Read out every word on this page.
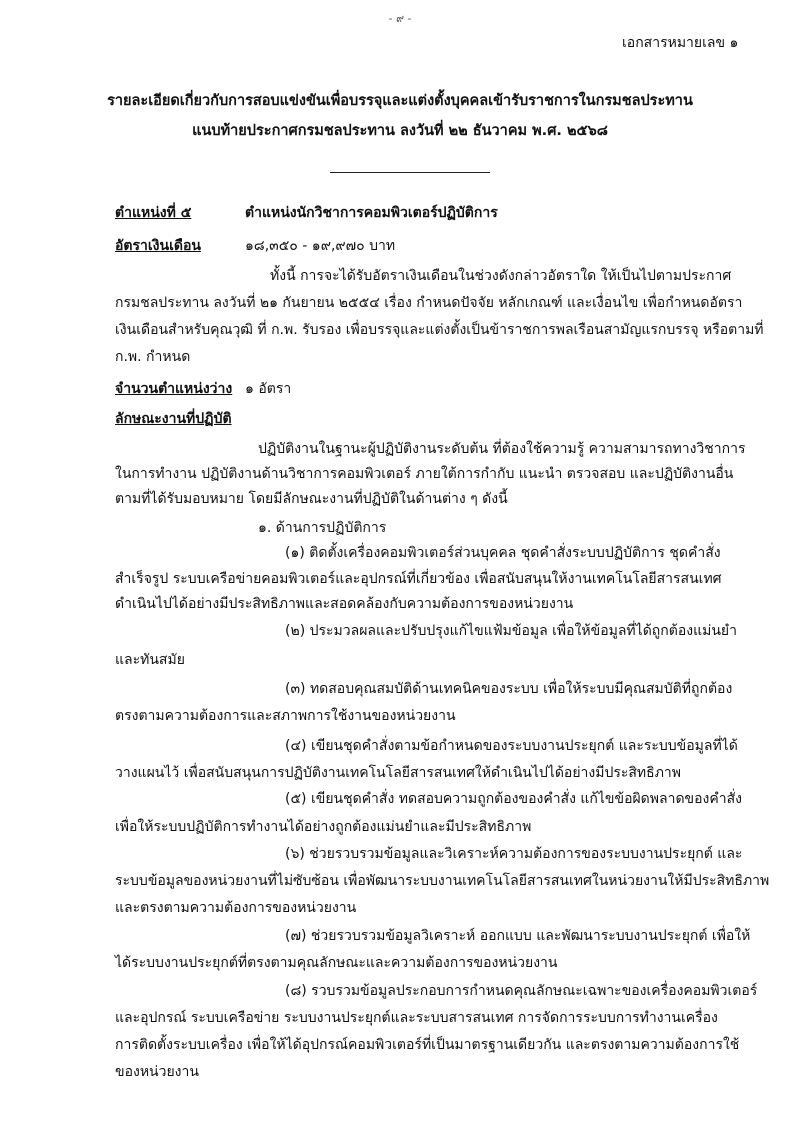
- ๙ -
เอกสารหมายเลข ๑
รายละเอียดเกี่ยวกับการสอบแข่งขันเพื่อบรรจุและแต่งตั้งบุคคลเข้ารับราชการในกรมชลประทาน
แนบท้ายประกาศกรมชลประทาน ลงวันที่ ๒๒ ธันวาคม พ.ศ. ๒๕๖๘
ตำแหน่งที่ ๕	ตำแหน่งนักวิชาการคอมพิวเตอร์ปฏิบัติการ
อัตราเงินเดือน	๑๘,๓๕๐ - ๑๙,๙๗๐ บาท
ทั้งนี้ การจะได้รับอัตราเงินเดือนในช่วงดังกล่าวอัตราใด ให้เป็นไปตามประกาศ
กรมชลประทาน ลงวันที่ ๒๑ กันยายน ๒๕๕๔ เรื่อง กำหนดปัจจัย หลักเกณฑ์ และเงื่อนไข เพื่อกำหนดอัตรา
เงินเดือนสำหรับคุณวุฒิ ที่ ก.พ. รับรอง เพื่อบรรจุและแต่งตั้งเป็นข้าราชการพลเรือนสามัญแรกบรรจุ หรือตามที่
ก.พ. กำหนด
จำนวนตำแหน่งว่าง ๑ อัตรา
ลักษณะงานที่ปฏิบัติ
ปฏิบัติงานในฐานะผู้ปฏิบัติงานระดับต้น ที่ต้องใช้ความรู้ ความสามารถทางวิชาการ
ในการทำงาน ปฏิบัติงานด้านวิชาการคอมพิวเตอร์ ภายใต้การกำกับ แนะนำ ตรวจสอบ และปฏิบัติงานอื่น
ตามที่ได้รับมอบหมาย โดยมีลักษณะงานที่ปฏิบัติในด้านต่าง ๆ ดังนี้
๑. ด้านการปฏิบัติการ
(๑) ติดตั้งเครื่องคอมพิวเตอร์ส่วนบุคคล ชุดคำสั่งระบบปฏิบัติการ ชุดคำสั่ง
สำเร็จรูป ระบบเครือข่ายคอมพิวเตอร์และอุปกรณ์ที่เกี่ยวข้อง เพื่อสนับสนุนให้งานเทคโนโลยีสารสนเทศ
ดำเนินไปได้อย่างมีประสิทธิภาพและสอดคล้องกับความต้องการของหน่วยงาน
(๒) ประมวลผลและปรับปรุงแก้ไขแฟ้มข้อมูล เพื่อให้ข้อมูลที่ได้ถูกต้องแม่นยำ
และทันสมัย
(๓) ทดสอบคุณสมบัติด้านเทคนิคของระบบ เพื่อให้ระบบมีคุณสมบัติที่ถูกต้อง
ตรงตามความต้องการและสภาพการใช้งานของหน่วยงาน
(๔) เขียนชุดคำสั่งตามข้อกำหนดของระบบงานประยุกต์ และระบบข้อมูลที่ได้
วางแผนไว้ เพื่อสนับสนุนการปฏิบัติงานเทคโนโลยีสารสนเทศให้ดำเนินไปได้อย่างมีประสิทธิภาพ
(๕) เขียนชุดคำสั่ง ทดสอบความถูกต้องของคำสั่ง แก้ไขข้อผิดพลาดของคำสั่ง
เพื่อให้ระบบปฏิบัติการทำงานได้อย่างถูกต้องแม่นยำและมีประสิทธิภาพ
(๖) ช่วยรวบรวมข้อมูลและวิเคราะห์ความต้องการของระบบงานประยุกต์ และ
ระบบข้อมูลของหน่วยงานที่ไม่ซับซ้อน เพื่อพัฒนาระบบงานเทคโนโลยีสารสนเทศในหน่วยงานให้มีประสิทธิภาพ
และตรงตามความต้องการของหน่วยงาน
(๗) ช่วยรวบรวมข้อมูลวิเคราะห์ ออกแบบ และพัฒนาระบบงานประยุกต์ เพื่อให้
ได้ระบบงานประยุกต์ที่ตรงตามคุณลักษณะและความต้องการของหน่วยงาน
(๘) รวบรวมข้อมูลประกอบการกำหนดคุณลักษณะเฉพาะของเครื่องคอมพิวเตอร์
และอุปกรณ์ ระบบเครือข่าย ระบบงานประยุกต์และระบบสารสนเทศ การจัดการระบบการทำงานเครื่อง
การติดตั้งระบบเครื่อง เพื่อให้ได้อุปกรณ์คอมพิวเตอร์ที่เป็นมาตรฐานเดียวกัน และตรงตามความต้องการใช้
ของหน่วยงาน
